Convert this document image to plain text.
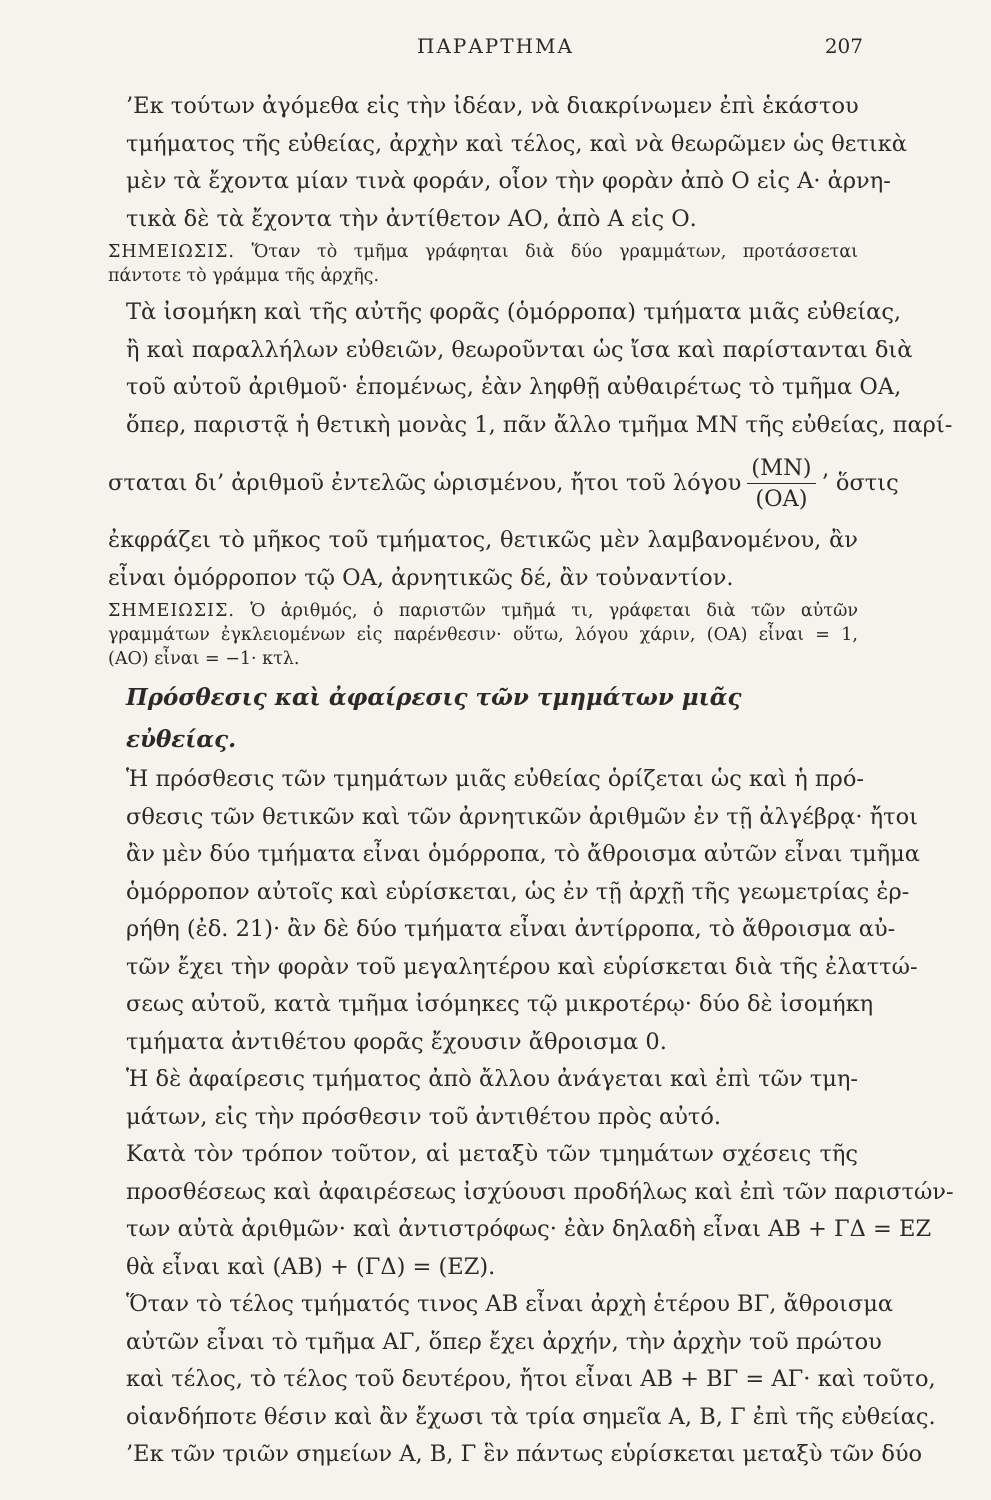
ΠΑΡΑΡΤΗΜΑ	207

’Εκ τούτων ἀγόμεθα εἰς τὴν ἰδέαν, νὰ διακρίνωμεν ἐπὶ ἑκάστου
τμήματος τῆς εὐθείας, ἀρχὴν καὶ τέλος, καὶ νὰ θεωρῶμεν ὡς θετικὰ
μὲν τὰ ἔχοντα μίαν τινὰ φοράν, οἷον τὴν φορὰν ἀπὸ Ο εἰς Α· ἀρνη-
τικὰ δὲ τὰ ἔχοντα τὴν ἀντίθετον ΑΟ, ἀπὸ Α εἰς Ο.

ΣΗΜΕΙΩΣΙΣ. Ὅταν τὸ τμῆμα γράφηται διὰ δύο γραμμάτων, προτάσσεται
πάντοτε τὸ γράμμα τῆς ἀρχῆς.

Τὰ ἰσομήκη καὶ τῆς αὐτῆς φορᾶς (ὁμόρροπα) τμήματα μιᾶς εὐθείας,
ἢ καὶ παραλλήλων εὐθειῶν, θεωροῦνται ὡς ἴσα καὶ παρίστανται διὰ
τοῦ αὐτοῦ ἀριθμοῦ· ἑπομένως, ἐὰν ληφθῇ αὐθαιρέτως τὸ τμῆμα ΟΑ,
ὅπερ, παριστᾷ ἡ θετικὴ μονὰς 1, πᾶν ἄλλο τμῆμα ΜΝ τῆς εὐθείας, παρί-

σταται δι’ ἀριθμοῦ ἐντελῶς ὡρισμένου, ἤτοι τοῦ λόγου $\frac{(MN)}{(OA)}$ ’ ὅστις

ἐκφράζει τὸ μῆκος τοῦ τμήματος, θετικῶς μὲν λαμβανομένου, ἂν
εἶναι ὁμόρροπον τῷ ΟΑ, ἀρνητικῶς δέ, ἂν τοὐναντίον.

ΣΗΜΕΙΩΣΙΣ. Ὁ ἀριθμός, ὁ παριστῶν τμῆμά τι, γράφεται διὰ τῶν αὐτῶν
γραμμάτων ἐγκλειομένων εἰς παρένθεσιν· οὕτω, λόγου χάριν, (ΟΑ) εἶναι = 1,
(ΑΟ) εἶναι = −1· κτλ.
Πρόσθεσις καὶ ἀφαίρεσις τῶν τμημάτων μιᾶς εὐθείας.

Ἡ πρόσθεσις τῶν τμημάτων μιᾶς εὐθείας ὁρίζεται ὡς καὶ ἡ πρό-
σθεσις τῶν θετικῶν καὶ τῶν ἀρνητικῶν ἀριθμῶν ἐν τῇ ἀλγέβρᾳ· ἤτοι
ἂν μὲν δύο τμήματα εἶναι ὁμόρροπα, τὸ ἄθροισμα αὐτῶν εἶναι τμῆμα
ὁμόρροπον αὐτοῖς καὶ εὑρίσκεται, ὡς ἐν τῇ ἀρχῇ τῆς γεωμετρίας ἐρ-
ρήθη (ἐδ. 21)· ἂν δὲ δύο τμήματα εἶναι ἀντίρροπα, τὸ ἄθροισμα αὐ-
τῶν ἔχει τὴν φορὰν τοῦ μεγαλητέρου καὶ εὑρίσκεται διὰ τῆς ἐλαττώ-
σεως αὐτοῦ, κατὰ τμῆμα ἰσόμηκες τῷ μικροτέρῳ· δύο δὲ ἰσομήκη
τμήματα ἀντιθέτου φορᾶς ἔχουσιν ἄθροισμα 0.

Ἡ δὲ ἀφαίρεσις τμήματος ἀπὸ ἄλλου ἀνάγεται καὶ ἐπὶ τῶν τμη-
μάτων, εἰς τὴν πρόσθεσιν τοῦ ἀντιθέτου πρὸς αὐτό.

Κατὰ τὸν τρόπον τοῦτον, αἱ μεταξὺ τῶν τμημάτων σχέσεις τῆς
προσθέσεως καὶ ἀφαιρέσεως ἰσχύουσι προδήλως καὶ ἐπὶ τῶν παριστών-
των αὐτὰ ἀριθμῶν· καὶ ἀντιστρόφως· ἐὰν δηλαδὴ εἶναι ΑΒ + ΓΔ = ΕΖ
θὰ εἶναι καὶ (ΑΒ) + (ΓΔ) = (ΕΖ).

Ὅταν τὸ τέλος τμήματός τινος ΑΒ εἶναι ἀρχὴ ἑτέρου ΒΓ, ἄθροισμα
αὐτῶν εἶναι τὸ τμῆμα ΑΓ, ὅπερ ἔχει ἀρχήν, τὴν ἀρχὴν τοῦ πρώτου
καὶ τέλος, τὸ τέλος τοῦ δευτέρου, ἤτοι εἶναι ΑΒ + ΒΓ = ΑΓ· καὶ τοῦτο,
οἱανδήποτε θέσιν καὶ ἂν ἔχωσι τὰ τρία σημεῖα Α, Β, Γ ἐπὶ τῆς εὐθείας.

’Εκ τῶν τριῶν σημείων Α, Β, Γ ἓν πάντως εὑρίσκεται μεταξὺ τῶν δύο
